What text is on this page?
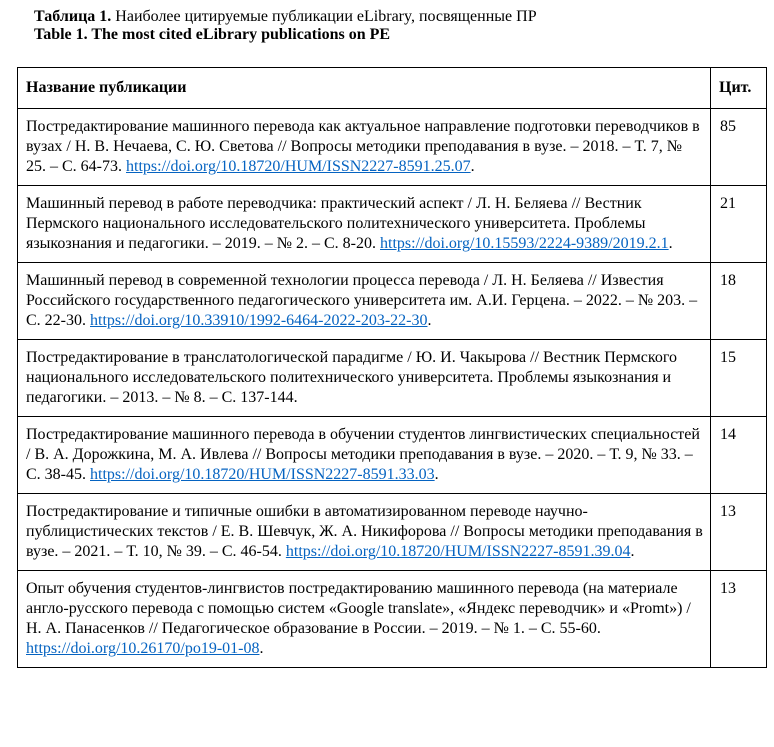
Таблица 1. Наиболее цитируемые публикации eLibrary, посвященные ПР
Table 1. The most cited eLibrary publications on PE
Название публикации	Цит.
Постредактирование машинного перевода как актуальное направление подготовки переводчиков в вузах / Н. В. Нечаева, С. Ю. Светова // Вопросы методики преподавания в вузе. – 2018. – Т. 7, № 25. – С. 64-73. https://doi.org/10.18720/HUM/ISSN2227-8591.25.07.	85
Машинный перевод в работе переводчика: практический аспект / Л. Н. Беляева // Вестник Пермского национального исследовательского политехнического университета. Проблемы языкознания и педагогики. – 2019. – № 2. – С. 8-20. https://doi.org/10.15593/2224-9389/2019.2.1.	21
Машинный перевод в современной технологии процесса перевода / Л. Н. Беляева // Известия Российского государственного педагогического университета им. А.И. Герцена. – 2022. – № 203. – С. 22-30. https://doi.org/10.33910/1992-6464-2022-203-22-30.	18
Постредактирование в транслатологической парадигме / Ю. И. Чакырова // Вестник Пермского национального исследовательского политехнического университета. Проблемы языкознания и педагогики. – 2013. – № 8. – С. 137-144.	15
Постредактирование машинного перевода в обучении студентов лингвистических специальностей / В. А. Дорожкина, М. А. Ивлева // Вопросы методики преподавания в вузе. – 2020. – Т. 9, № 33. – С. 38-45. https://doi.org/10.18720/HUM/ISSN2227-8591.33.03.	14
Постредактирование и типичные ошибки в автоматизированном переводе научно-публицистических текстов / Е. В. Шевчук, Ж. А. Никифорова // Вопросы методики преподавания в вузе. – 2021. – Т. 10, № 39. – С. 46-54. https://doi.org/10.18720/HUM/ISSN2227-8591.39.04.	13
Опыт обучения студентов-лингвистов постредактированию машинного перевода (на материале англо-русского перевода с помощью систем «Google translate», «Яндекс переводчик» и «Promt») / Н. А. Панасенков // Педагогическое образование в России. – 2019. – № 1. – С. 55-60. https://doi.org/10.26170/po19-01-08.	13
